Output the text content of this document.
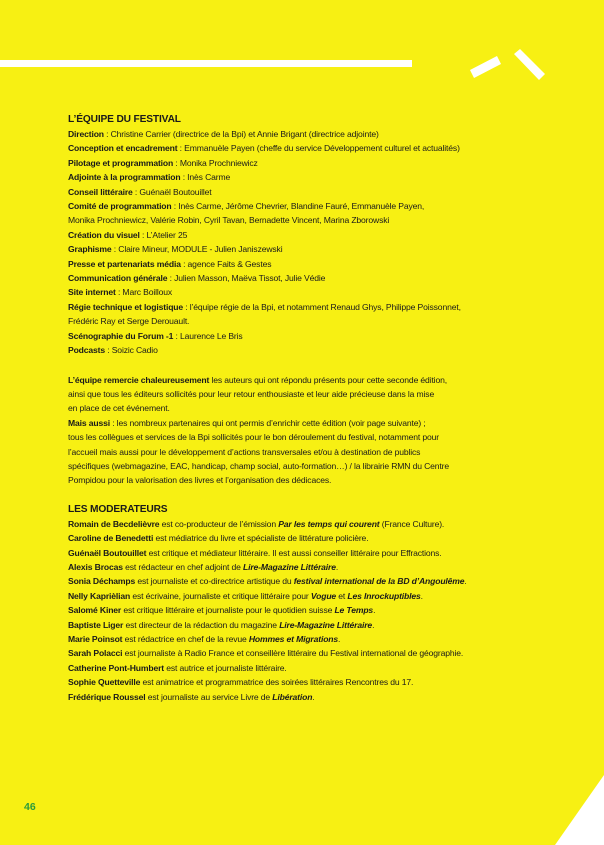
L’ÉQUIPE DU FESTIVAL
Direction : Christine Carrier (directrice de la Bpi) et Annie Brigant (directrice adjointe)
Conception et encadrement : Emmanuèle Payen (cheffe du service Développement culturel et actualités)
Pilotage et programmation : Monika Prochniewicz
Adjointe à la programmation : Inès Carme
Conseil littéraire : Guénaël Boutouillet
Comité de programmation : Inès Carme, Jérôme Chevrier, Blandine Fauré, Emmanuèle Payen,
Monika Prochniewicz, Valérie Robin, Cyril Tavan, Bernadette Vincent, Marina Zborowski
Création du visuel : L’Atelier 25
Graphisme : Claire Mineur, MODULE - Julien Janiszewski
Presse et partenariats média : agence Faits & Gestes
Communication générale : Julien Masson, Maëva Tissot, Julie Védie
Site internet : Marc Boilloux
Régie technique et logistique : l’équipe régie de la Bpi, et notamment Renaud Ghys, Philippe Poissonnet,
Frédéric Ray et Serge Derouault.
Scénographie du Forum -1 : Laurence Le Bris
Podcasts : Soizic Cadio
L’équipe remercie chaleureusement les auteurs qui ont répondu présents pour cette seconde édition,
ainsi que tous les éditeurs sollicités pour leur retour enthousiaste et leur aide précieuse dans la mise
en place de cet événement.
Mais aussi : les nombreux partenaires qui ont permis d’enrichir cette édition (voir page suivante) ;
tous les collègues et services de la Bpi sollicités pour le bon déroulement du festival, notamment pour
l’accueil mais aussi pour le développement d’actions transversales et/ou à destination de publics
spécifiques (webmagazine, EAC, handicap, champ social, auto-formation…) / la librairie RMN du Centre
Pompidou pour la valorisation des livres et l’organisation des dédicaces.
LES MODERATEURS
Romain de Becdelièvre est co-producteur de l’émission Par les temps qui courent (France Culture).
Caroline de Benedetti est médiatrice du livre et spécialiste de littérature policière.
Guénaël Boutouillet est critique et médiateur littéraire. Il est aussi conseiller littéraire pour Effractions.
Alexis Brocas est rédacteur en chef adjoint de Lire-Magazine Littéraire.
Sonia Déchamps est journaliste et co-directrice artistique du festival international de la BD d’Angoulême.
Nelly Kaprièlian est écrivaine, journaliste et critique littéraire pour Vogue et Les Inrockuptibles.
Salomé Kiner est critique littéraire et journaliste pour le quotidien suisse Le Temps.
Baptiste Liger est directeur de la rédaction du magazine Lire-Magazine Littéraire.
Marie Poinsot est rédactrice en chef de la revue Hommes et Migrations.
Sarah Polacci est journaliste à Radio France et conseillère littéraire du Festival international de géographie.
Catherine Pont-Humbert est autrice et journaliste littéraire.
Sophie Quetteville est animatrice et programmatrice des soirées littéraires Rencontres du 17.
Frédérique Roussel est journaliste au service Livre de Libération.
46
